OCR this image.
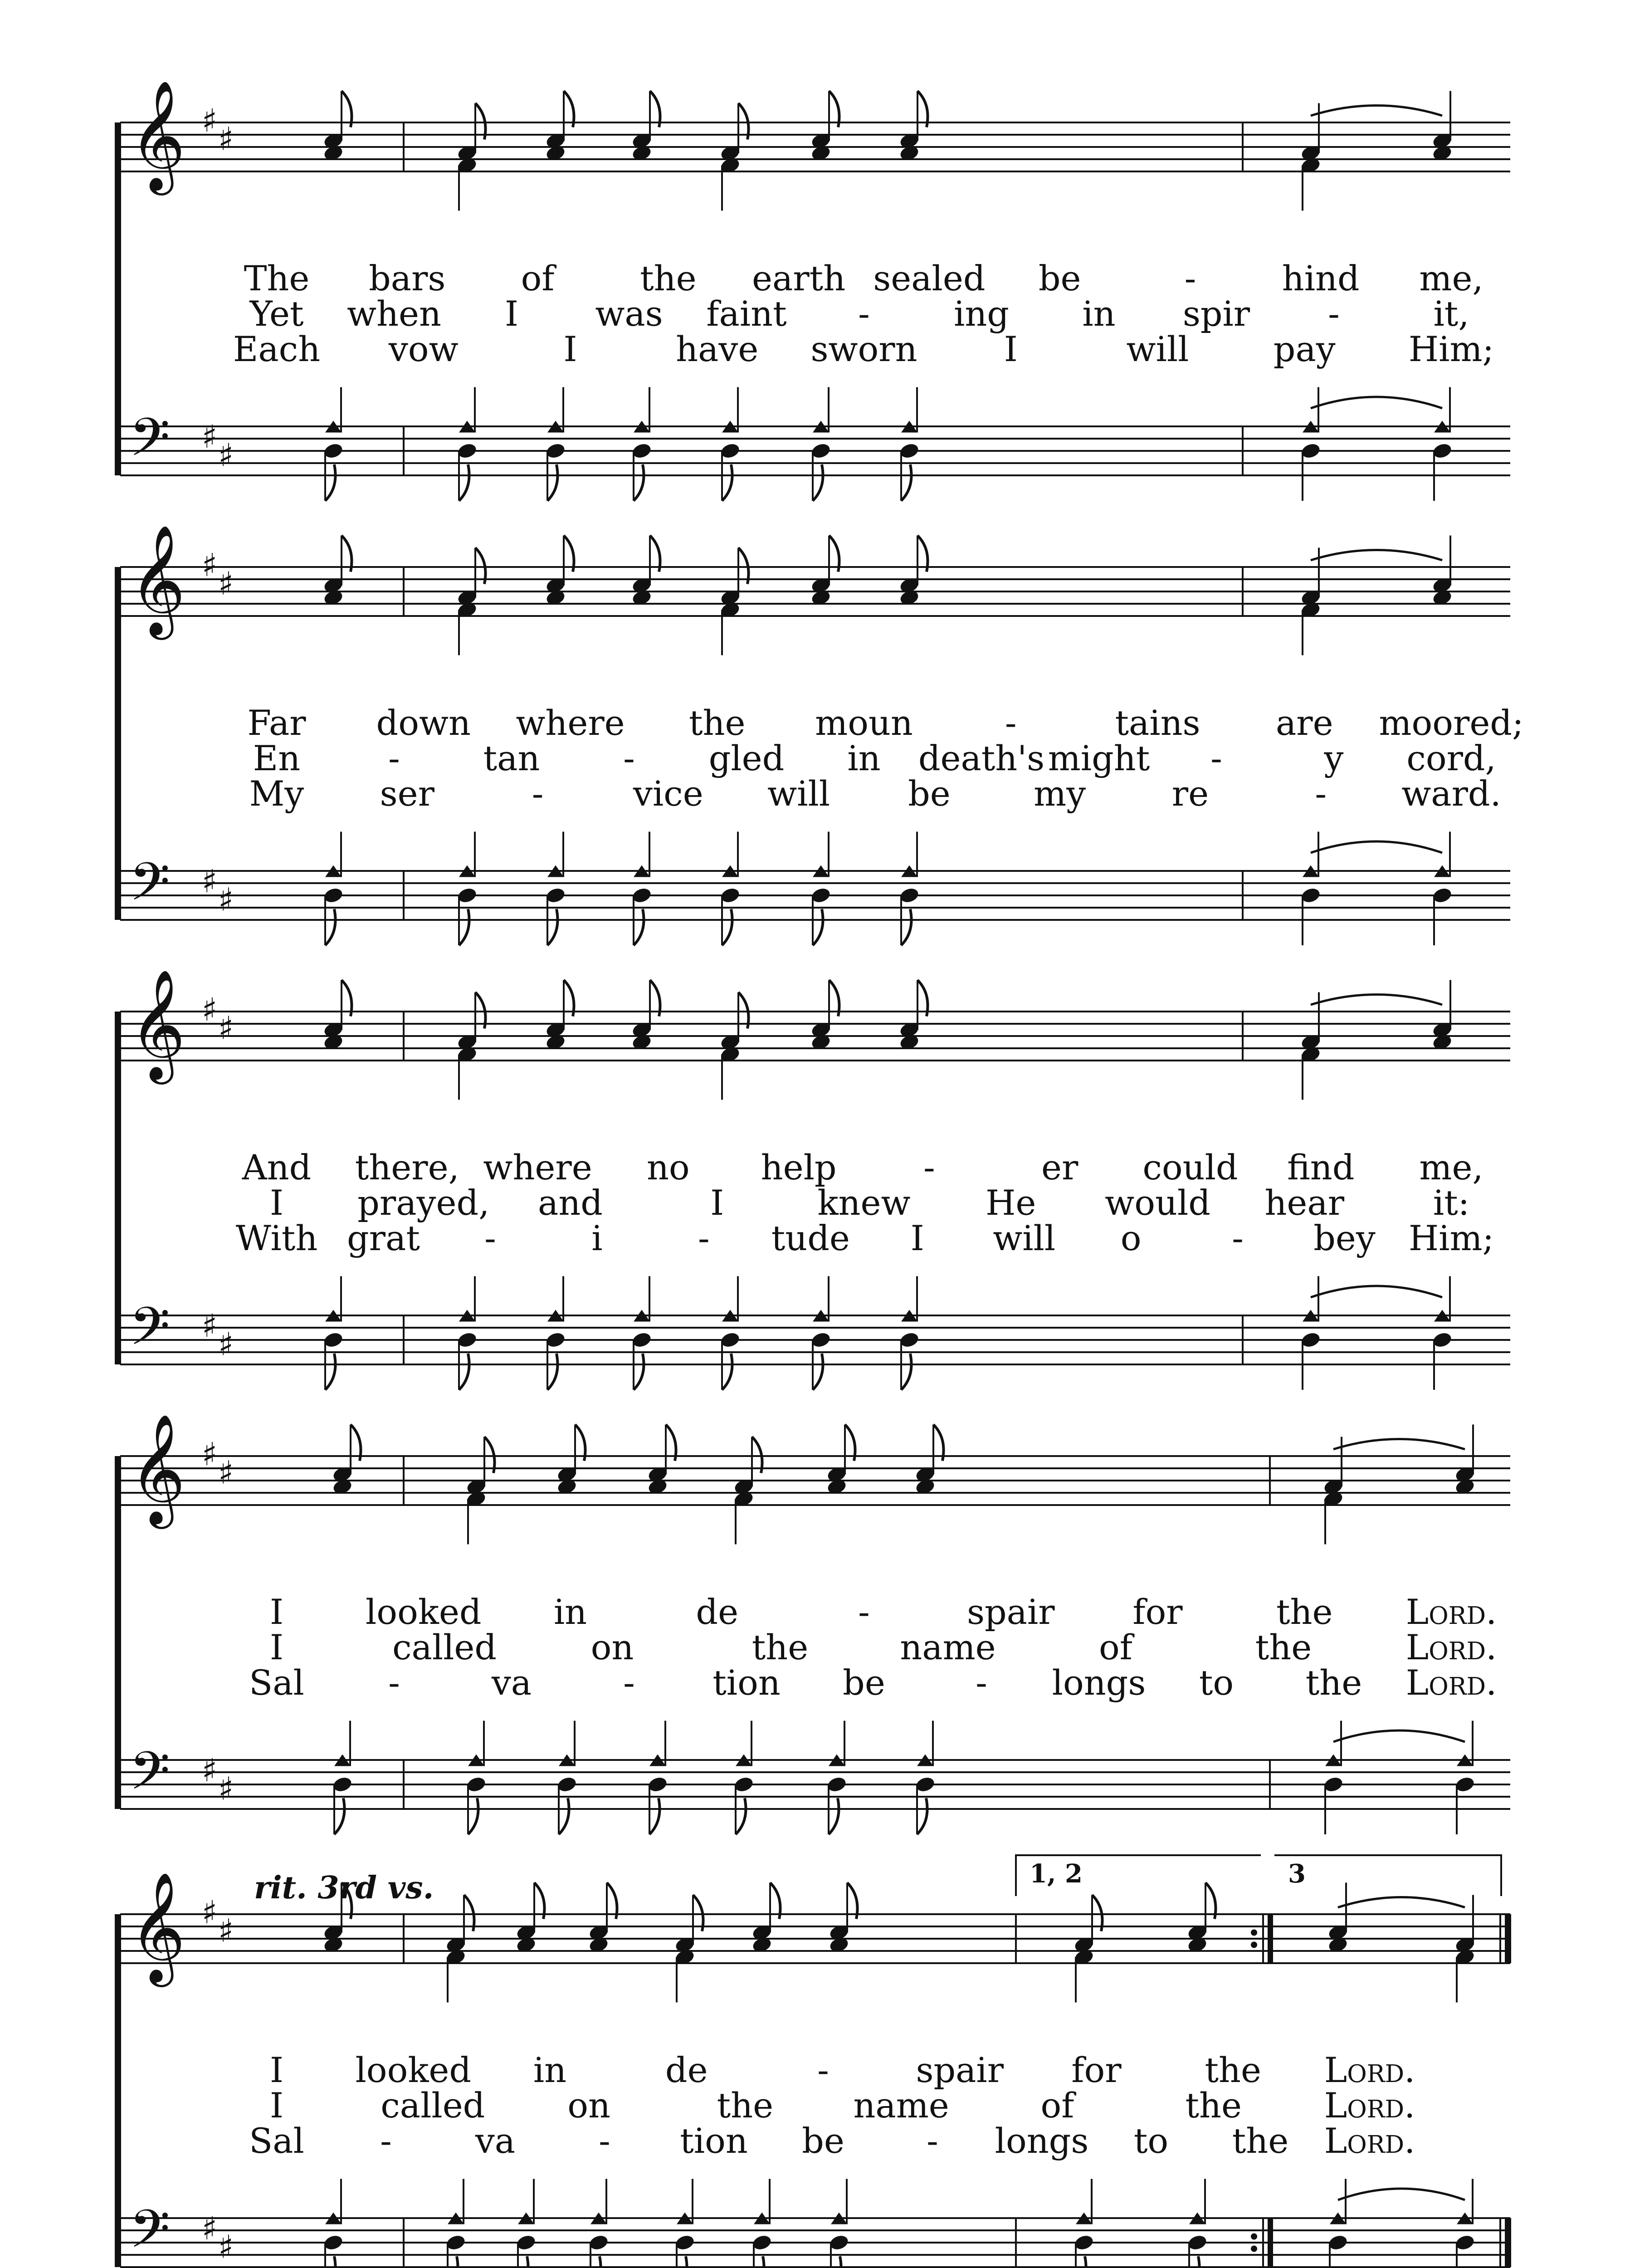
𝄞
𝄢
♯ ♯
♯ ♯
𝄞
𝄢
♯ ♯
♯ ♯
𝄞
𝄢
♯ ♯
♯ ♯
𝄞
𝄢
♯ ♯
♯ ♯
𝄞
𝄢
♯ ♯
♯ ♯
The bars of the earth sealed be	- hind me,
Yet when I was faint - ing in spir -	it,
Each vow	I	have sworn	I	will pay Him;
Far down where the moun	-	tains are moored;
En	- tan - gled in death's might -	y cord,
My ser	-	vice will be my re	- ward.
And there, where no help	-	er could find me,
I prayed, and	I	knew He would hear	it:
With grat -	i	- tude I will o	- bey Him;
I looked in	de	-	spair for	the Lord.
I	called	on	the	name	of	the	Lord.
Sal -	va	- tion be	- longs to the Lord.
1, 2	3
rit. 3rd vs.
I looked in	de	-	spair for the Lord.
I	called on	the name	of	the Lord.
Sal - va - tion be - longs to the Lord.
